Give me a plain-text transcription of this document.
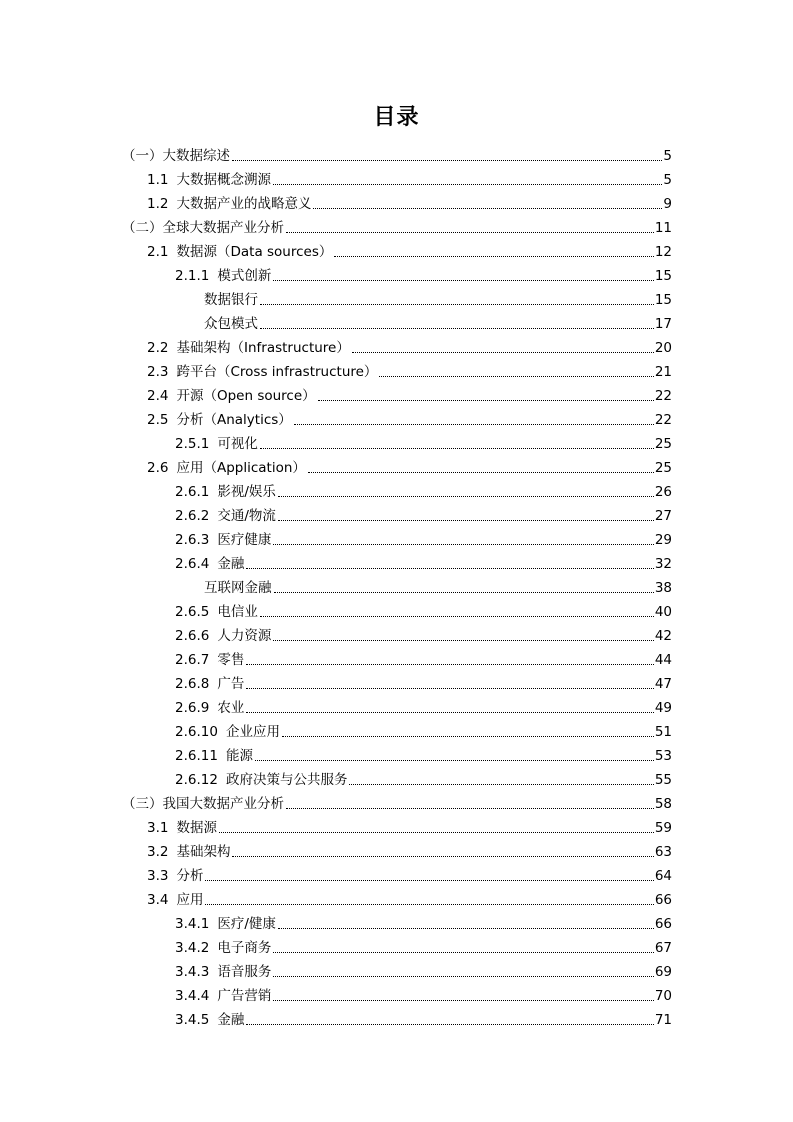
目录
（一）大数据综述	5
1.1 大数据概念溯源	5
1.2 大数据产业的战略意义	9
（二）全球大数据产业分析	11
2.1 数据源（Data sources）	12
2.1.1 模式创新	15
数据银行	15
众包模式	17
2.2 基础架构（Infrastructure）	20
2.3 跨平台（Cross infrastructure）	21
2.4 开源（Open source）	22
2.5 分析（Analytics）	22
2.5.1 可视化	25
2.6 应用（Application）	25
2.6.1 影视/娱乐	26
2.6.2 交通/物流	27
2.6.3 医疗健康	29
2.6.4 金融	32
互联网金融	38
2.6.5 电信业	40
2.6.6 人力资源	42
2.6.7 零售	44
2.6.8 广告	47
2.6.9 农业	49
2.6.10 企业应用	51
2.6.11 能源	53
2.6.12 政府决策与公共服务	55
（三）我国大数据产业分析	58
3.1 数据源	59
3.2 基础架构	63
3.3 分析	64
3.4 应用	66
3.4.1 医疗/健康	66
3.4.2 电子商务	67
3.4.3 语音服务	69
3.4.4 广告营销	70
3.4.5 金融	71
